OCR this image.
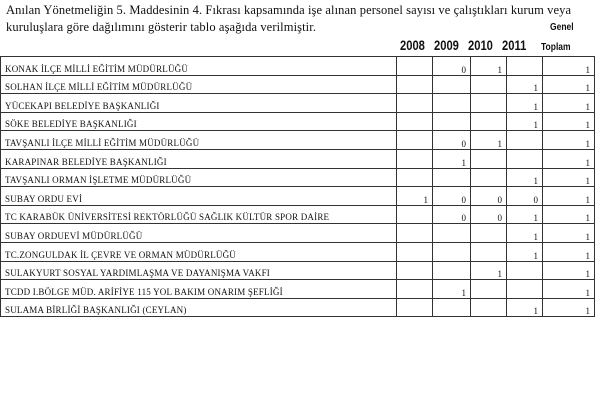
Anılan Yönetmeliğin 5. Maddesinin 4. Fıkrası kapsamında işe alınan personel sayısı ve çalıştıkları kurum veya kuruluşlara göre dağılımını gösterir tablo aşağıda verilmiştir.
2008 2009 2010 2011
Genel
Toplam
KONAK İLÇE MİLLİ EĞİTİM MÜDÜRLÜĞÜ		0	1		1
SOLHAN İLÇE MİLLİ EĞİTİM MÜDÜRLÜĞÜ				1	1
YÜCEKAPI BELEDİYE BAŞKANLIĞI				1	1
SÖKE BELEDİYE BAŞKANLIĞI				1	1
TAVŞANLI İLÇE MİLLİ EĞİTİM MÜDÜRLÜĞÜ		0	1		1
KARAPINAR BELEDİYE BAŞKANLIĞI		1			1
TAVŞANLI ORMAN İŞLETME MÜDÜRLÜĞÜ				1	1
SUBAY ORDU EVİ	1	0	0	0	1
TC KARABÜK ÜNİVERSİTESİ REKTÖRLÜĞÜ SAĞLIK KÜLTÜR SPOR DAİRE		0	0	1	1
SUBAY ORDUEVİ MÜDÜRLÜĞÜ				1	1
TC.ZONGULDAK İL ÇEVRE VE ORMAN MÜDÜRLÜĞÜ				1	1
SULAKYURT SOSYAL YARDIMLAŞMA VE DAYANIŞMA VAKFI			1		1
TCDD I.BÖLGE MÜD. ARİFİYE 115 YOL BAKIM ONARIM ŞEFLİĞİ		1			1
SULAMA BİRLİĞİ BAŞKANLIĞI (CEYLAN)				1	1
